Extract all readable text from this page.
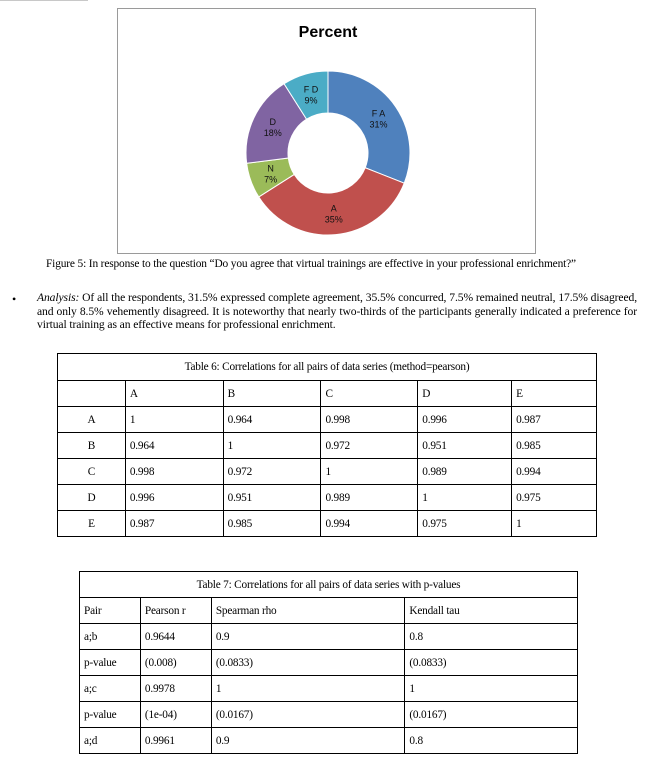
Percent
F A 31%
A 35%
N 7%
D 18%
F D 9%
Figure 5: In response to the question “Do you agree that virtual trainings are effective in your professional enrichment?”
• Analysis: Of all the respondents, 31.5% expressed complete agreement, 35.5% concurred, 7.5% remained neutral, 17.5% disagreed, and only 8.5% vehemently disagreed. It is noteworthy that nearly two-thirds of the participants generally indicated a preference for virtual training as an effective means for professional enrichment.
Table 6: Correlations for all pairs of data series (method=pearson)					
	A	B	C	D	E
A	1	0.964	0.998	0.996	0.987
B	0.964	1	0.972	0.951	0.985
C	0.998	0.972	1	0.989	0.994
D	0.996	0.951	0.989	1	0.975
E	0.987	0.985	0.994	0.975	1
Table 7: Correlations for all pairs of data series with p-values			
Pair	Pearson r	Spearman rho	Kendall tau
a;b	0.9644	0.9	0.8
p-value	(0.008)	(0.0833)	(0.0833)
a;c	0.9978	1	1
p-value	(1e-04)	(0.0167)	(0.0167)
a;d	0.9961	0.9	0.8
